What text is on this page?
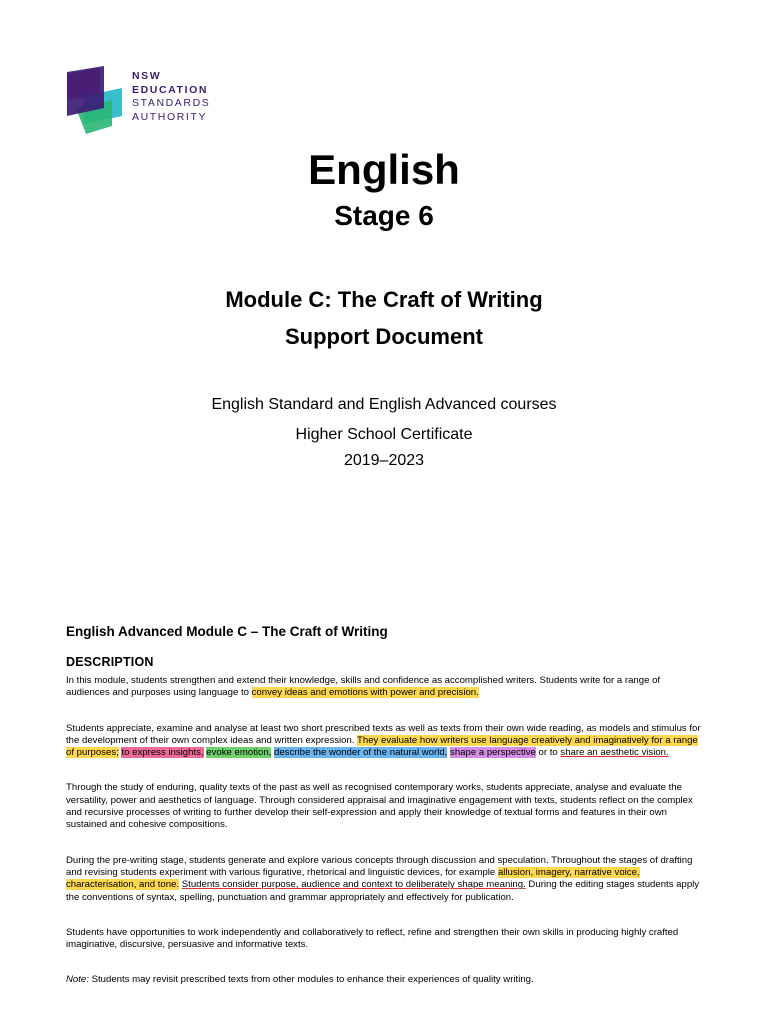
NSW
EDUCATION
STANDARDS
AUTHORITY
English
Stage 6
Module C: The Craft of Writing
Support Document
English Standard and English Advanced courses
Higher School Certificate
2019–2023
English Advanced Module C – The Craft of Writing
DESCRIPTION

In this module, students strengthen and extend their knowledge, skills and confidence as accomplished writers. Students write for a range of audiences and purposes using language to convey ideas and emotions with power and precision.

Students appreciate, examine and analyse at least two short prescribed texts as well as texts from their own wide reading, as models and stimulus for the development of their own complex ideas and written expression. They evaluate how writers use language creatively and imaginatively for a range of purposes; to express insights, evoke emotion, describe the wonder of the natural world, shape a perspective or to share an aesthetic vision.

Through the study of enduring, quality texts of the past as well as recognised contemporary works, students appreciate, analyse and evaluate the versatility, power and aesthetics of language. Through considered appraisal and imaginative engagement with texts, students reflect on the complex and recursive processes of writing to further develop their self-expression and apply their knowledge of textual forms and features in their own sustained and cohesive compositions.

During the pre-writing stage, students generate and explore various concepts through discussion and speculation. Throughout the stages of drafting and revising students experiment with various figurative, rhetorical and linguistic devices, for example allusion, imagery, narrative voice, characterisation, and tone. Students consider purpose, audience and context to deliberately shape meaning. During the editing stages students apply the conventions of syntax, spelling, punctuation and grammar appropriately and effectively for publication.

Students have opportunities to work independently and collaboratively to reflect, refine and strengthen their own skills in producing highly crafted imaginative, discursive, persuasive and informative texts.

Note: Students may revisit prescribed texts from other modules to enhance their experiences of quality writing.
